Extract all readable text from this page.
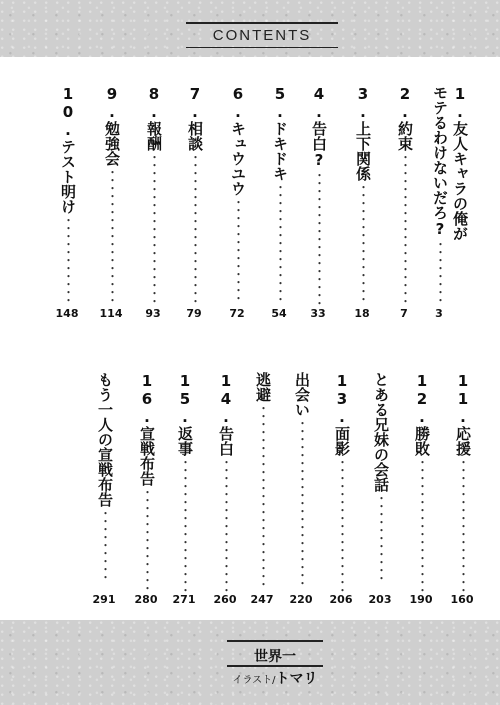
CONTENTS
1.友人キャラの俺が
モテるわけないだろ?・・・・・・・・
3
2.約束・・・・・・・・・・・・・・・・・・・
7
3.上下関係・・・・・・・・・・・・・・・
18
4.告白?・・・・・・・・・・・・・・・・・
33
5.ドキドキ・・・・・・・・・・・・・・・
54
6.キュウユウ・・・・・・・・・・・・・
72
7.相談・・・・・・・・・・・・・・・・・・・
79
8.報酬・・・・・・・・・・・・・・・・・・・
93
9.勉強会・・・・・・・・・・・・・・・・・
114
10.テスト明け・・・・・・・・・・・
148
11.応援・・・・・・・・・・・・・・・・・
160
12.勝敗・・・・・・・・・・・・・・・・・
190
とある兄妹の会話・・・・・・・・・・・
203
13.面影・・・・・・・・・・・・・・・・・
206
出会い・・・・・・・・・・・・・・・・・・・・・
220
逃避・・・・・・・・・・・・・・・・・・・・・・・
247
14.告白・・・・・・・・・・・・・・・・・
260
15.返事・・・・・・・・・・・・・・・・・
271
16.宣戦布告・・・・・・・・・・・・・
280
もう一人の宣戦布告・・・・・・・・・
291
世界一
イラスト/トマリ
